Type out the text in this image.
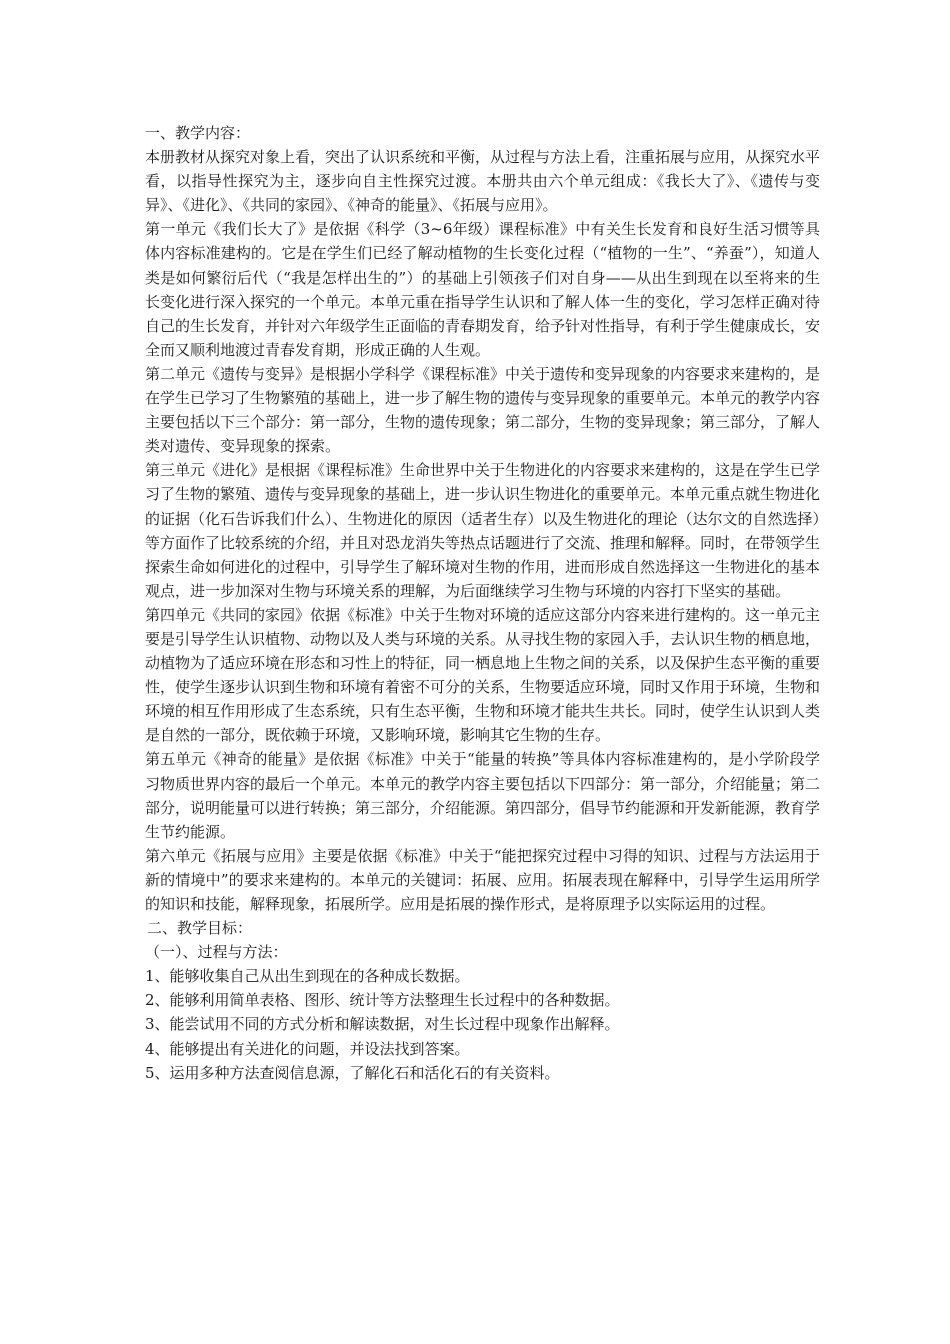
一、教学内容：

本册教材从探究对象上看，突出了认识系统和平衡，从过程与方法上看，注重拓展与应用，从探究水平看，以指导性探究为主，逐步向自主性探究过渡。本册共由六个单元组成：《我长大了》、《遗传与变异》、《进化》、《共同的家园》、《神奇的能量》、《拓展与应用》。

第一单元《我们长大了》是依据《科学（3~6年级）课程标准》中有关生长发育和良好生活习惯等具体内容标准建构的。它是在学生们已经了解动植物的生长变化过程（“植物的一生”、“养蚕”），知道人类是如何繁衍后代（“我是怎样出生的”）的基础上引领孩子们对自身——从出生到现在以至将来的生长变化进行深入探究的一个单元。本单元重在指导学生认识和了解人体一生的变化，学习怎样正确对待自己的生长发育，并针对六年级学生正面临的青春期发育，给予针对性指导，有利于学生健康成长，安全而又顺利地渡过青春发育期，形成正确的人生观。

第二单元《遗传与变异》是根据小学科学《课程标准》中关于遗传和变异现象的内容要求来建构的，是在学生已学习了生物繁殖的基础上，进一步了解生物的遗传与变异现象的重要单元。本单元的教学内容主要包括以下三个部分：第一部分，生物的遗传现象；第二部分，生物的变异现象；第三部分，了解人类对遗传、变异现象的探索。

第三单元《进化》是根据《课程标准》生命世界中关于生物进化的内容要求来建构的，这是在学生已学习了生物的繁殖、遗传与变异现象的基础上，进一步认识生物进化的重要单元。本单元重点就生物进化的证据（化石告诉我们什么）、生物进化的原因（适者生存）以及生物进化的理论（达尔文的自然选择）等方面作了比较系统的介绍，并且对恐龙消失等热点话题进行了交流、推理和解释。同时，在带领学生探索生命如何进化的过程中，引导学生了解环境对生物的作用，进而形成自然选择这一生物进化的基本观点，进一步加深对生物与环境关系的理解，为后面继续学习生物与环境的内容打下坚实的基础。

第四单元《共同的家园》依据《标准》中关于生物对环境的适应这部分内容来进行建构的。这一单元主要是引导学生认识植物、动物以及人类与环境的关系。从寻找生物的家园入手，去认识生物的栖息地，动植物为了适应环境在形态和习性上的特征，同一栖息地上生物之间的关系，以及保护生态平衡的重要性，使学生逐步认识到生物和环境有着密不可分的关系，生物要适应环境，同时又作用于环境，生物和环境的相互作用形成了生态系统，只有生态平衡，生物和环境才能共生共长。同时，使学生认识到人类是自然的一部分，既依赖于环境，又影响环境，影响其它生物的生存。

第五单元《神奇的能量》是依据《标准》中关于“能量的转换”等具体内容标准建构的，是小学阶段学习物质世界内容的最后一个单元。本单元的教学内容主要包括以下四部分：第一部分，介绍能量；第二部分，说明能量可以进行转换；第三部分，介绍能源。第四部分，倡导节约能源和开发新能源，教育学生节约能源。

第六单元《拓展与应用》主要是依据《标准》中关于“能把探究过程中习得的知识、过程与方法运用于新的情境中”的要求来建构的。本单元的关键词：拓展、应用。拓展表现在解释中，引导学生运用所学的知识和技能，解释现象，拓展所学。应用是拓展的操作形式，是将原理予以实际运用的过程。

二、教学目标：

（一）、过程与方法：

1、能够收集自己从出生到现在的各种成长数据。

2、能够利用简单表格、图形、统计等方法整理生长过程中的各种数据。

3、能尝试用不同的方式分析和解读数据，对生长过程中现象作出解释。

4、能够提出有关进化的问题，并设法找到答案。

5、运用多种方法查阅信息源，了解化石和活化石的有关资料。
